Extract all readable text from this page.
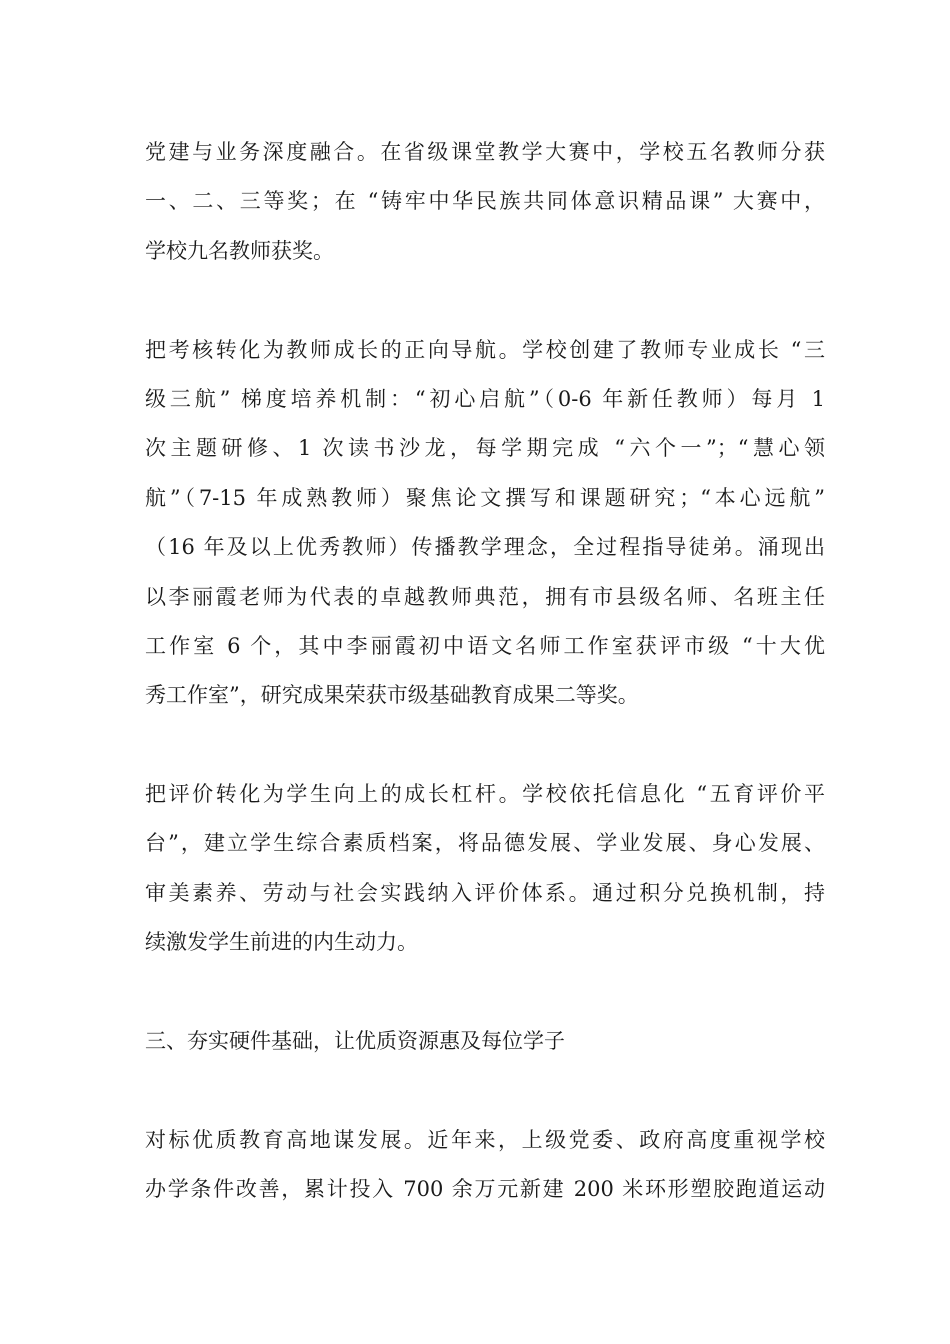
党建与业务深度融合。在省级课堂教学大赛中，学校五名教师分获
一、二、三等奖；在 “铸牢中华民族共同体意识精品课” 大赛中，
学校九名教师获奖。
把考核转化为教师成长的正向导航。学校创建了教师专业成长 “三
级三航” 梯度培养机制：“初心启航”（0-6 年新任教师）每月 1
次主题研修、1 次读书沙龙，每学期完成 “六个一”；“慧心领
航”（7-15 年成熟教师）聚焦论文撰写和课题研究；“本心远航”
（16 年及以上优秀教师）传播教学理念，全过程指导徒弟。涌现出
以李丽霞老师为代表的卓越教师典范，拥有市县级名师、名班主任
工作室 6 个，其中李丽霞初中语文名师工作室获评市级 “十大优
秀工作室”，研究成果荣获市级基础教育成果二等奖。
把评价转化为学生向上的成长杠杆。学校依托信息化 “五育评价平
台”，建立学生综合素质档案，将品德发展、学业发展、身心发展、
审美素养、劳动与社会实践纳入评价体系。通过积分兑换机制，持
续激发学生前进的内生动力。
三、夯实硬件基础，让优质资源惠及每位学子
对标优质教育高地谋发展。近年来，上级党委、政府高度重视学校
办学条件改善，累计投入 700 余万元新建 200 米环形塑胶跑道运动
